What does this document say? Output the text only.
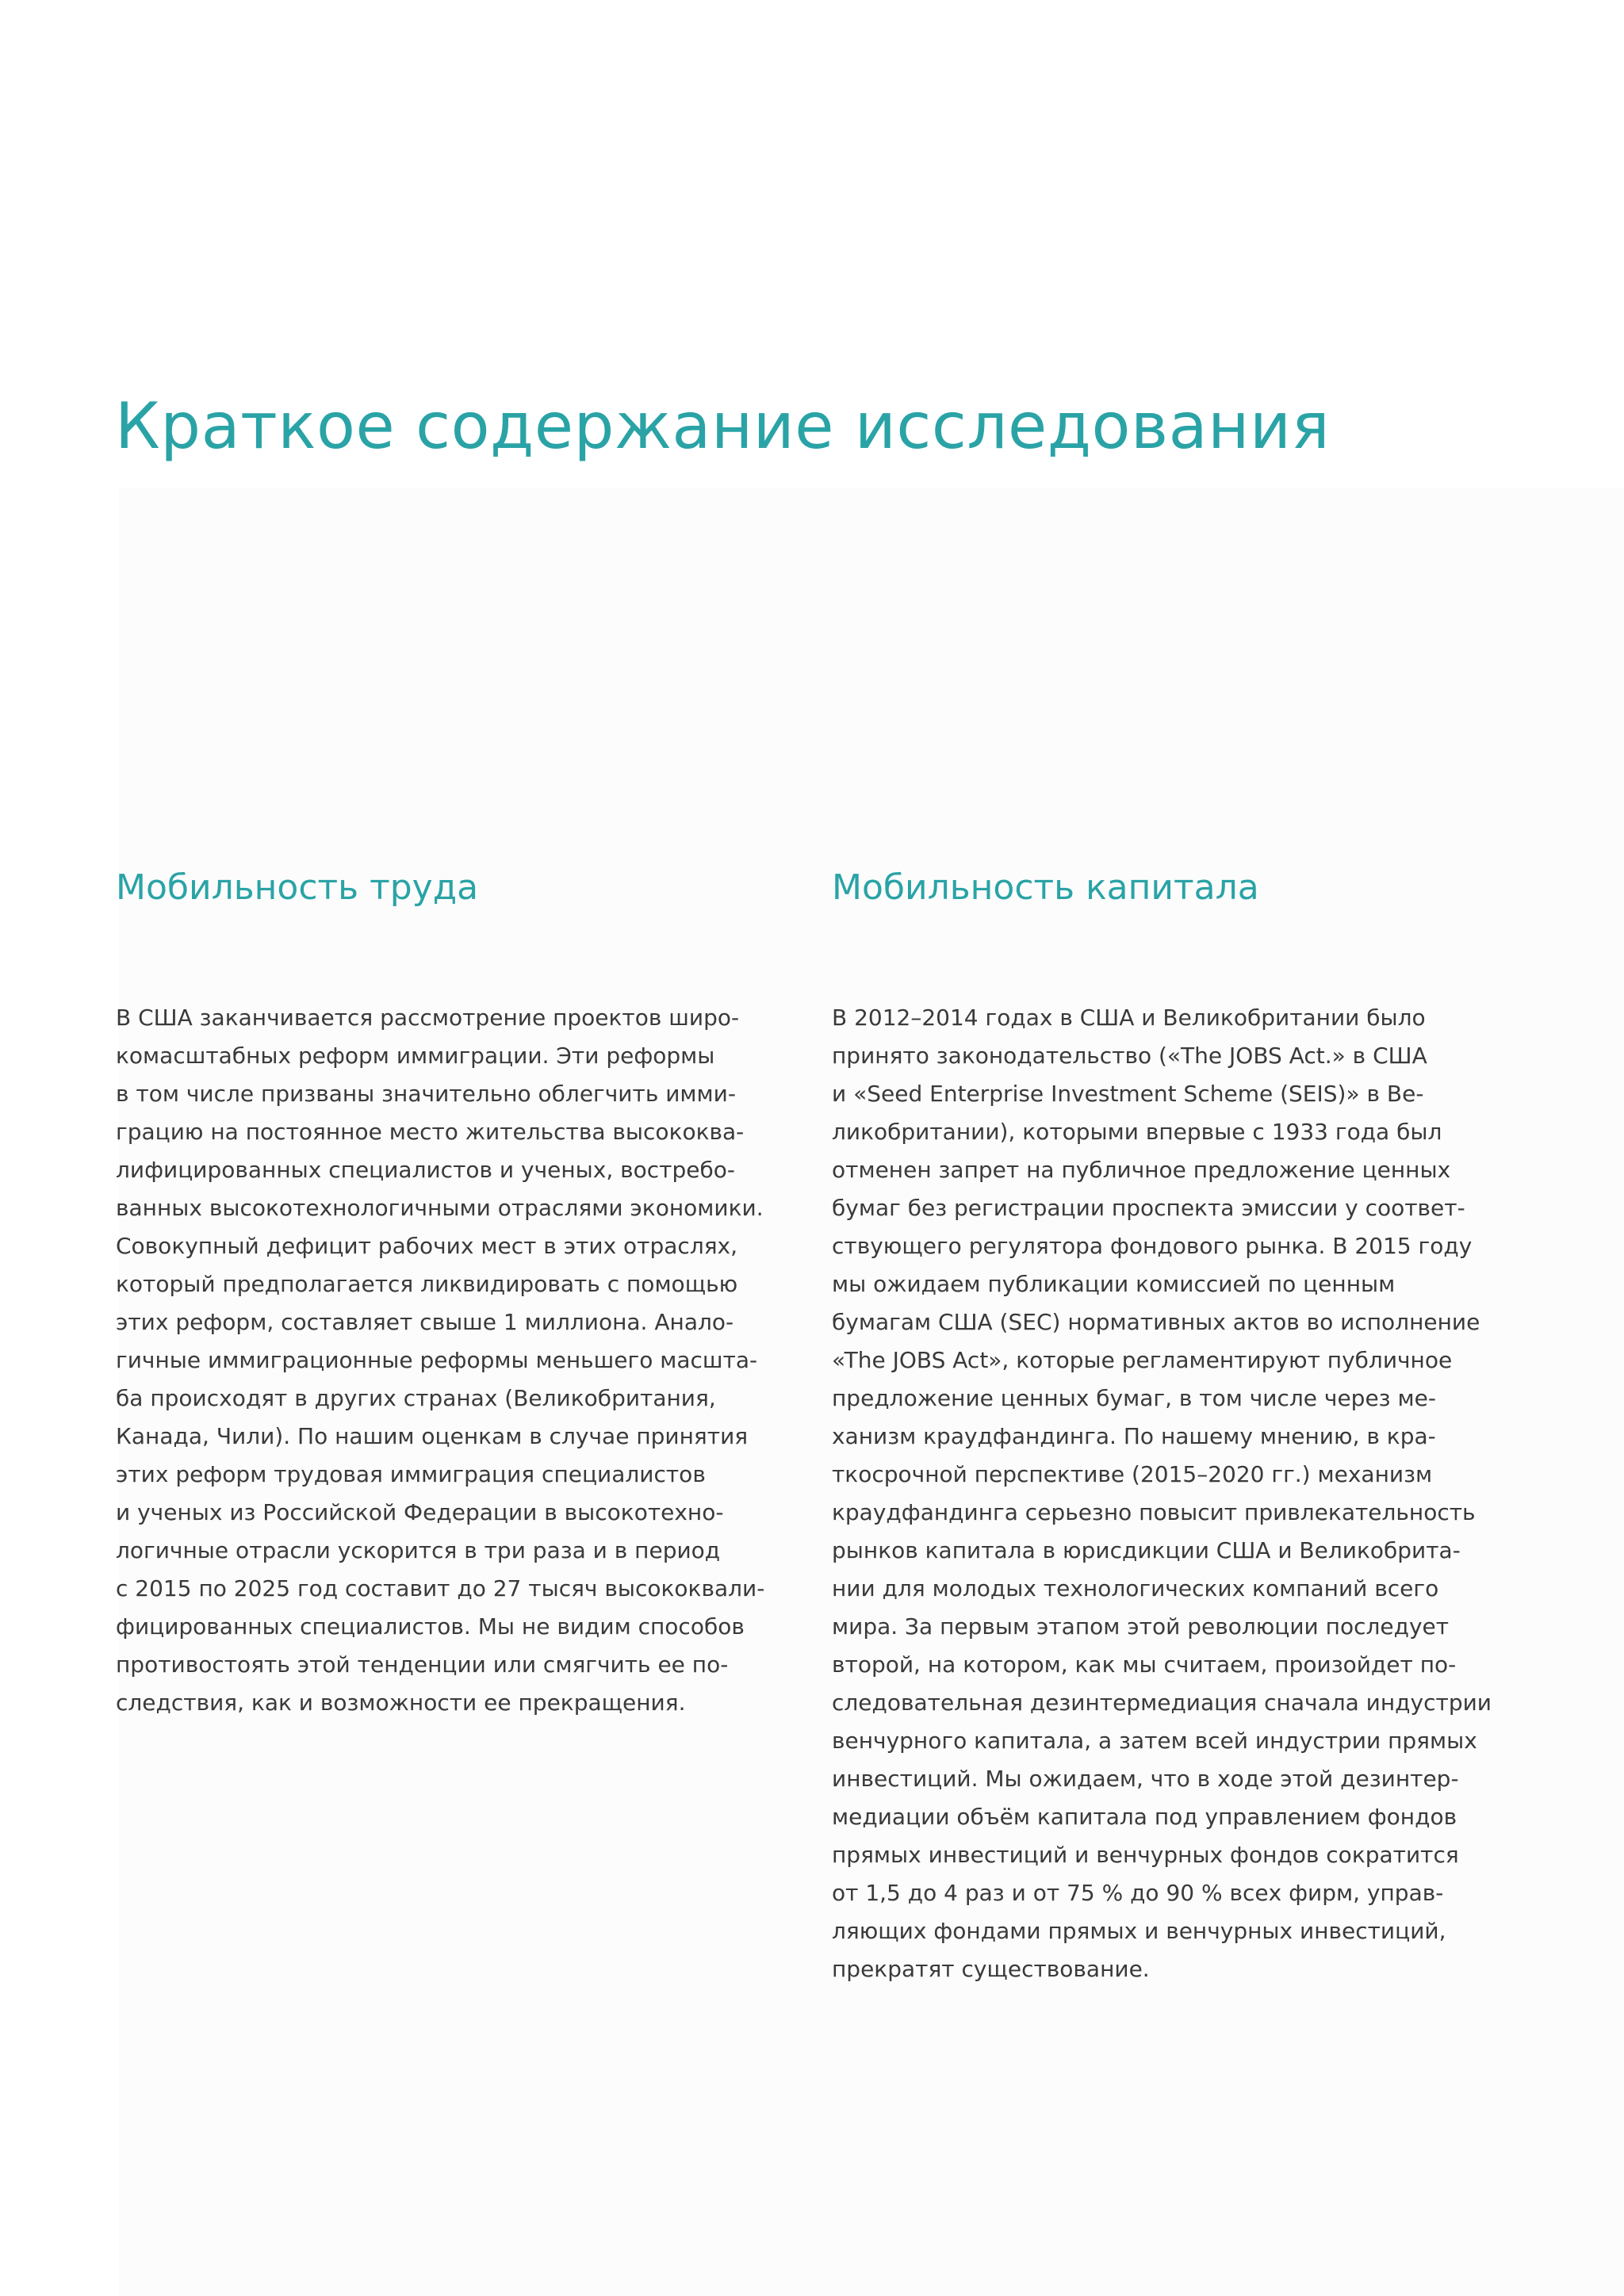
Краткое содержание исследования
Мобильность труда
В США заканчивается рассмотрение проектов широ-
комасштабных реформ иммиграции. Эти реформы
в том числе призваны значительно облегчить имми-
грацию на постоянное место жительства высококва-
лифицированных специалистов и ученых, востребо-
ванных высокотехнологичными отраслями экономики.
Совокупный дефицит рабочих мест в этих отраслях,
который предполагается ликвидировать с помощью
этих реформ, составляет свыше 1 миллиона. Анало-
гичные иммиграционные реформы меньшего масшта-
ба происходят в других странах (Великобритания,
Канада, Чили). По нашим оценкам в случае принятия
этих реформ трудовая иммиграция специалистов
и ученых из Российской Федерации в высокотехно-
логичные отрасли ускорится в три раза и в период
с 2015 по 2025 год составит до 27 тысяч высококвали-
фицированных специалистов. Мы не видим способов
противостоять этой тенденции или смягчить ее по-
следствия, как и возможности ее прекращения.
Мобильность капитала
В 2012–2014 годах в США и Великобритании было
принято законодательство («The JOBS Act.» в США
и «Seed Enterprise Investment Scheme (SEIS)» в Ве-
ликобритании), которыми впервые с 1933 года был
отменен запрет на публичное предложение ценных
бумаг без регистрации проспекта эмиссии у соответ-
ствующего регулятора фондового рынка. В 2015 году
мы ожидаем публикации комиссией по ценным
бумагам США (SEC) нормативных актов во исполнение
«The JOBS Act», которые регламентируют публичное
предложение ценных бумаг, в том числе через ме-
ханизм краудфандинга. По нашему мнению, в кра-
ткосрочной перспективе (2015–2020 гг.) механизм
краудфандинга серьезно повысит привлекательность
рынков капитала в юрисдикции США и Великобрита-
нии для молодых технологических компаний всего
мира. За первым этапом этой революции последует
второй, на котором, как мы считаем, произойдет по-
следовательная дезинтермедиация сначала индустрии
венчурного капитала, а затем всей индустрии прямых
инвестиций. Мы ожидаем, что в ходе этой дезинтер-
медиации объём капитала под управлением фондов
прямых инвестиций и венчурных фондов сократится
от 1,5 до 4 раз и от 75 % до 90 % всех фирм, управ-
ляющих фондами прямых и венчурных инвестиций,
прекратят существование.
